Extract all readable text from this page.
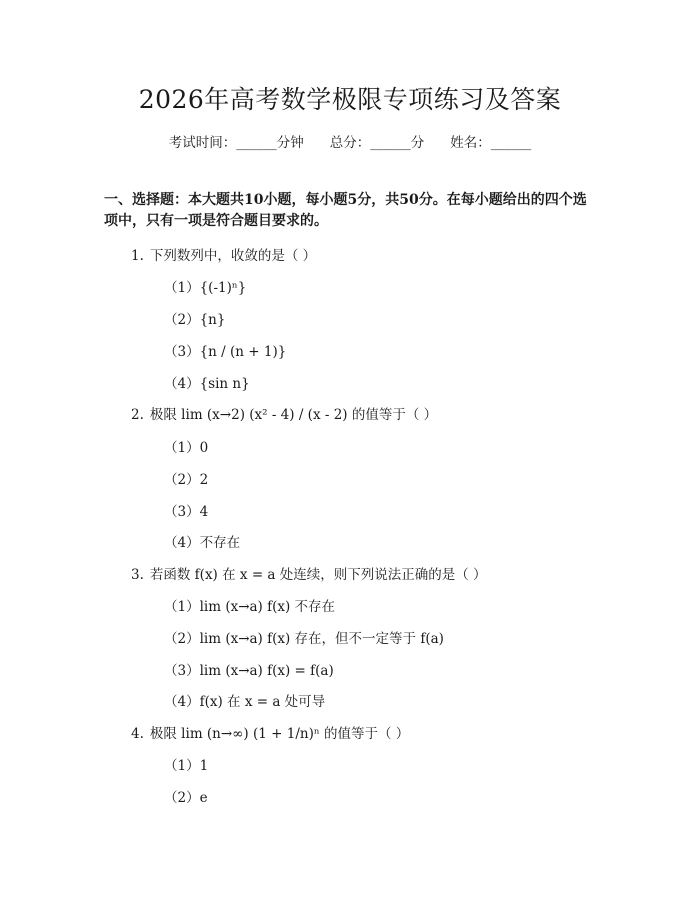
2026年高考数学极限专项练习及答案
考试时间：______分钟 总分：______分 姓名：______
一、选择题：本大题共10小题，每小题5分，共50分。在每小题给出的四个选项中，只有一项是符合题目要求的。
1. 下列数列中，收敛的是（ ）
（1）{(-1)ⁿ}
（2）{n}
（3）{n / (n + 1)}
（4）{sin n}
2. 极限 lim (x→2) (x² - 4) / (x - 2) 的值等于（ ）
（1）0
（2）2
（3）4
（4）不存在
3. 若函数 f(x) 在 x = a 处连续，则下列说法正确的是（ ）
（1）lim (x→a) f(x) 不存在
（2）lim (x→a) f(x) 存在，但不一定等于 f(a)
（3）lim (x→a) f(x) = f(a)
（4）f(x) 在 x = a 处可导
4. 极限 lim (n→∞) (1 + 1/n)ⁿ 的值等于（ ）
（1）1
（2）e
